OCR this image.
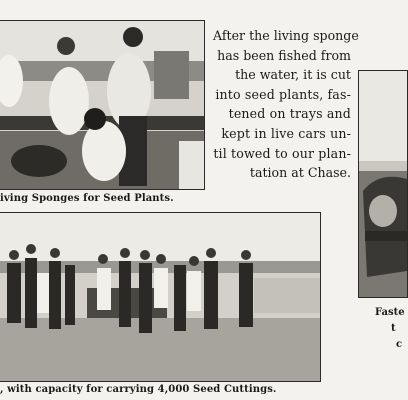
iving Sponges for Seed Plants.

After the living sponge
has been fished from
the water, it is cut
into seed plants, fas-
tened on trays and
kept in live cars un-
til towed to our plan-
tation at Chase.
Faste
t
c

, with capacity for carrying 4,000 Seed Cuttings.
